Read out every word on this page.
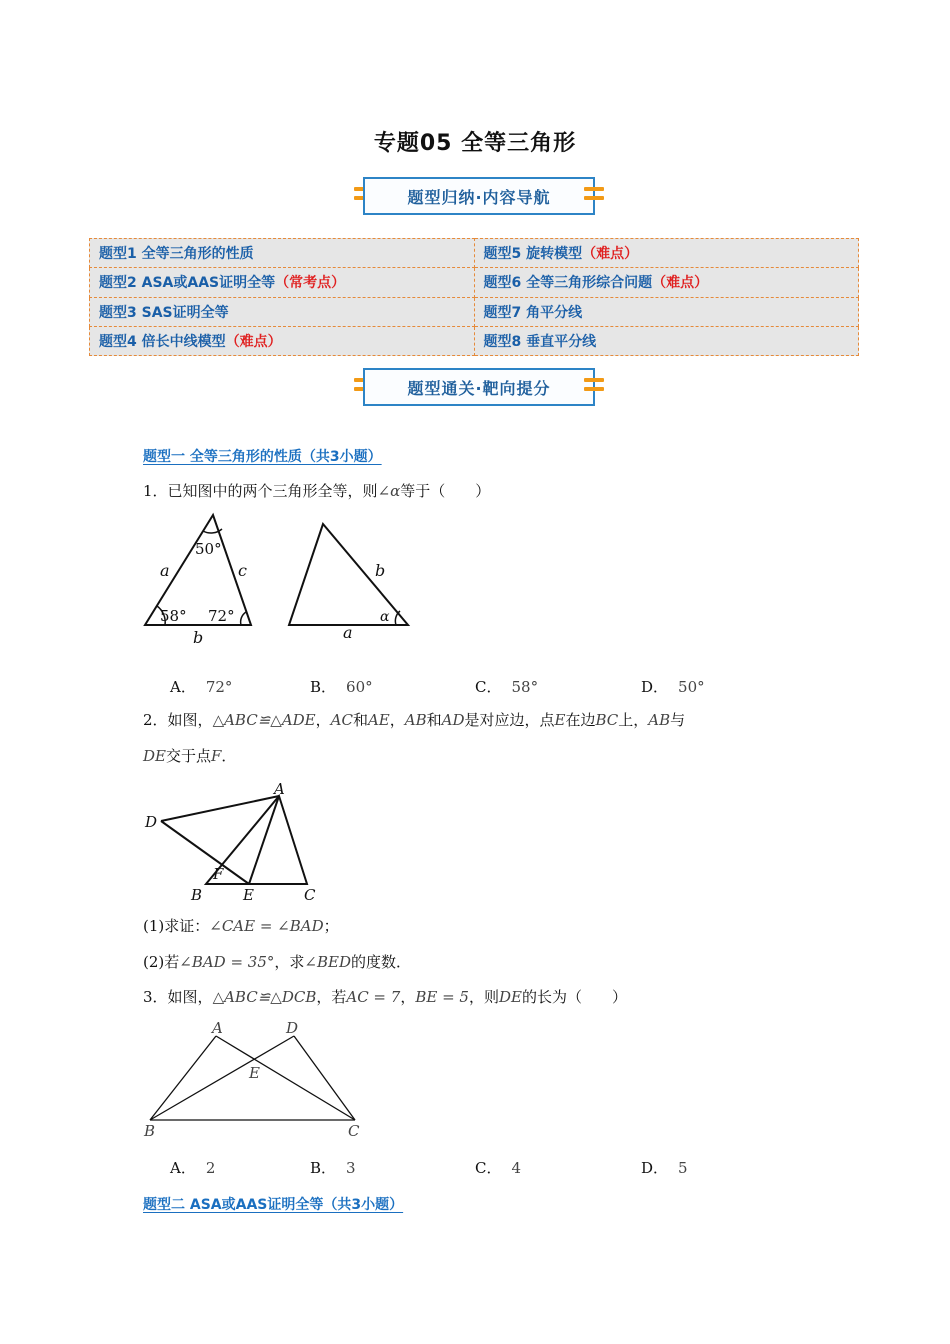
专题05 全等三角形
题型归纳·内容导航
题型1 全等三角形的性质	题型5 旋转模型（难点）
题型2 ASA或AAS证明全等（常考点）	题型6 全等三角形综合问题（难点）
题型3 SAS证明全等	题型7 角平分线
题型4 倍长中线模型（难点）	题型8 垂直平分线
题型通关·靶向提分
题型一 全等三角形的性质（共3小题）
1．已知图中的两个三角形全等，则∠α等于（　　）
a	c
b
b
a
α
50°
58° 72°
A． 72°	B． 60°	C． 58°	D． 50°
2．如图，△ABC≌△ADE，AC和AE，AB和AD是对应边，点E在边BC上，AB与
DE交于点F．
A
D
B	E	C
F
(1)求证：∠CAE = ∠BAD；
(2)若∠BAD = 35°，求∠BED的度数．
3．如图，△ABC≌△DCB，若AC = 7，BE = 5，则DE的长为（　　）
A	D
E
B	C
A． 2	B． 3	C． 4	D． 5
题型二 ASA或AAS证明全等（共3小题）
